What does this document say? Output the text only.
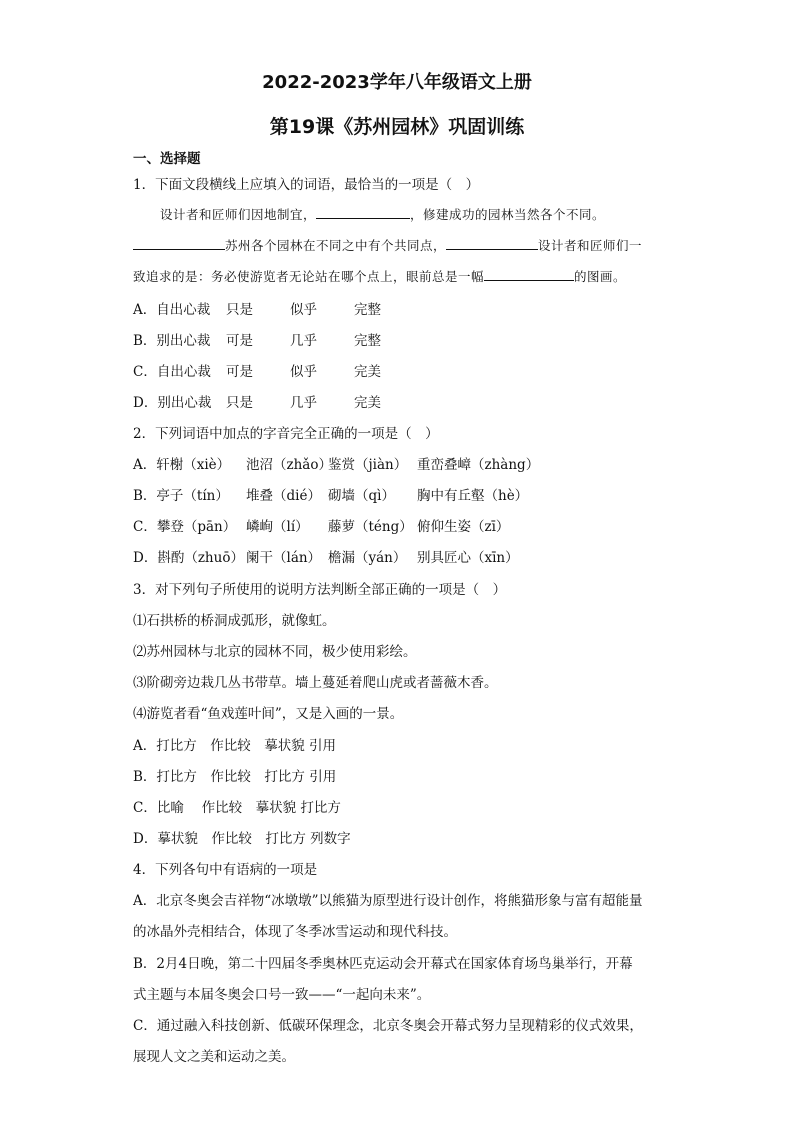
2022-2023学年八年级语文上册
第19课《苏州园林》巩固训练
一、选择题
1．下面文段横线上应填入的词语，最恰当的一项是（　）
设计者和匠师们因地制宜，	，修建成功的园林当然各个不同。
苏州各个园林在不同之中有个共同点，	设计者和匠师们一
致追求的是：务必使游览者无论站在哪个点上，眼前总是一幅	的图画。
A．自出心裁 只是	似乎	完整
B．别出心裁 可是	几乎	完整
C．自出心裁 可是	似乎	完美
D．别出心裁 只是	几乎	完美
2．下列词语中加点的字音完全正确的一项是（　）
A．轩榭（xiè） 池沼（zhǎo）鉴赏（jiàn） 重峦叠嶂（zhàng）
B．亭子（tín） 堆叠（dié） 砌墙（qì） 胸中有丘壑（hè）
C．攀登（pān） 嶙峋（lí） 藤萝（téng） 俯仰生姿（zī）
D．斟酌（zhuō） 阑干（lán） 檐漏（yán） 别具匠心（xīn）
3．对下列句子所使用的说明方法判断全部正确的一项是（　）
⑴石拱桥的桥洞成弧形，就像虹。
⑵苏州园林与北京的园林不同，极少使用彩绘。
⑶阶砌旁边栽几丛书带草。墙上蔓延着爬山虎或者蔷薇木香。
⑷游览者看“鱼戏莲叶间”，又是入画的一景。
A．打比方　作比较　摹状貌 引用
B．打比方　作比较　打比方 引用
C．比喻　 作比较　摹状貌 打比方
D．摹状貌　作比较　打比方 列数字
4．下列各句中有语病的一项是
A．北京冬奥会吉祥物“冰墩墩”以熊猫为原型进行设计创作，将熊猫形象与富有超能量
的冰晶外壳相结合，体现了冬季冰雪运动和现代科技。
B．2月4日晚，第二十四届冬季奥林匹克运动会开幕式在国家体育场鸟巢举行，开幕
式主题与本届冬奥会口号一致——“一起向未来”。
C．通过融入科技创新、低碳环保理念，北京冬奥会开幕式努力呈现精彩的仪式效果，
展现人文之美和运动之美。
